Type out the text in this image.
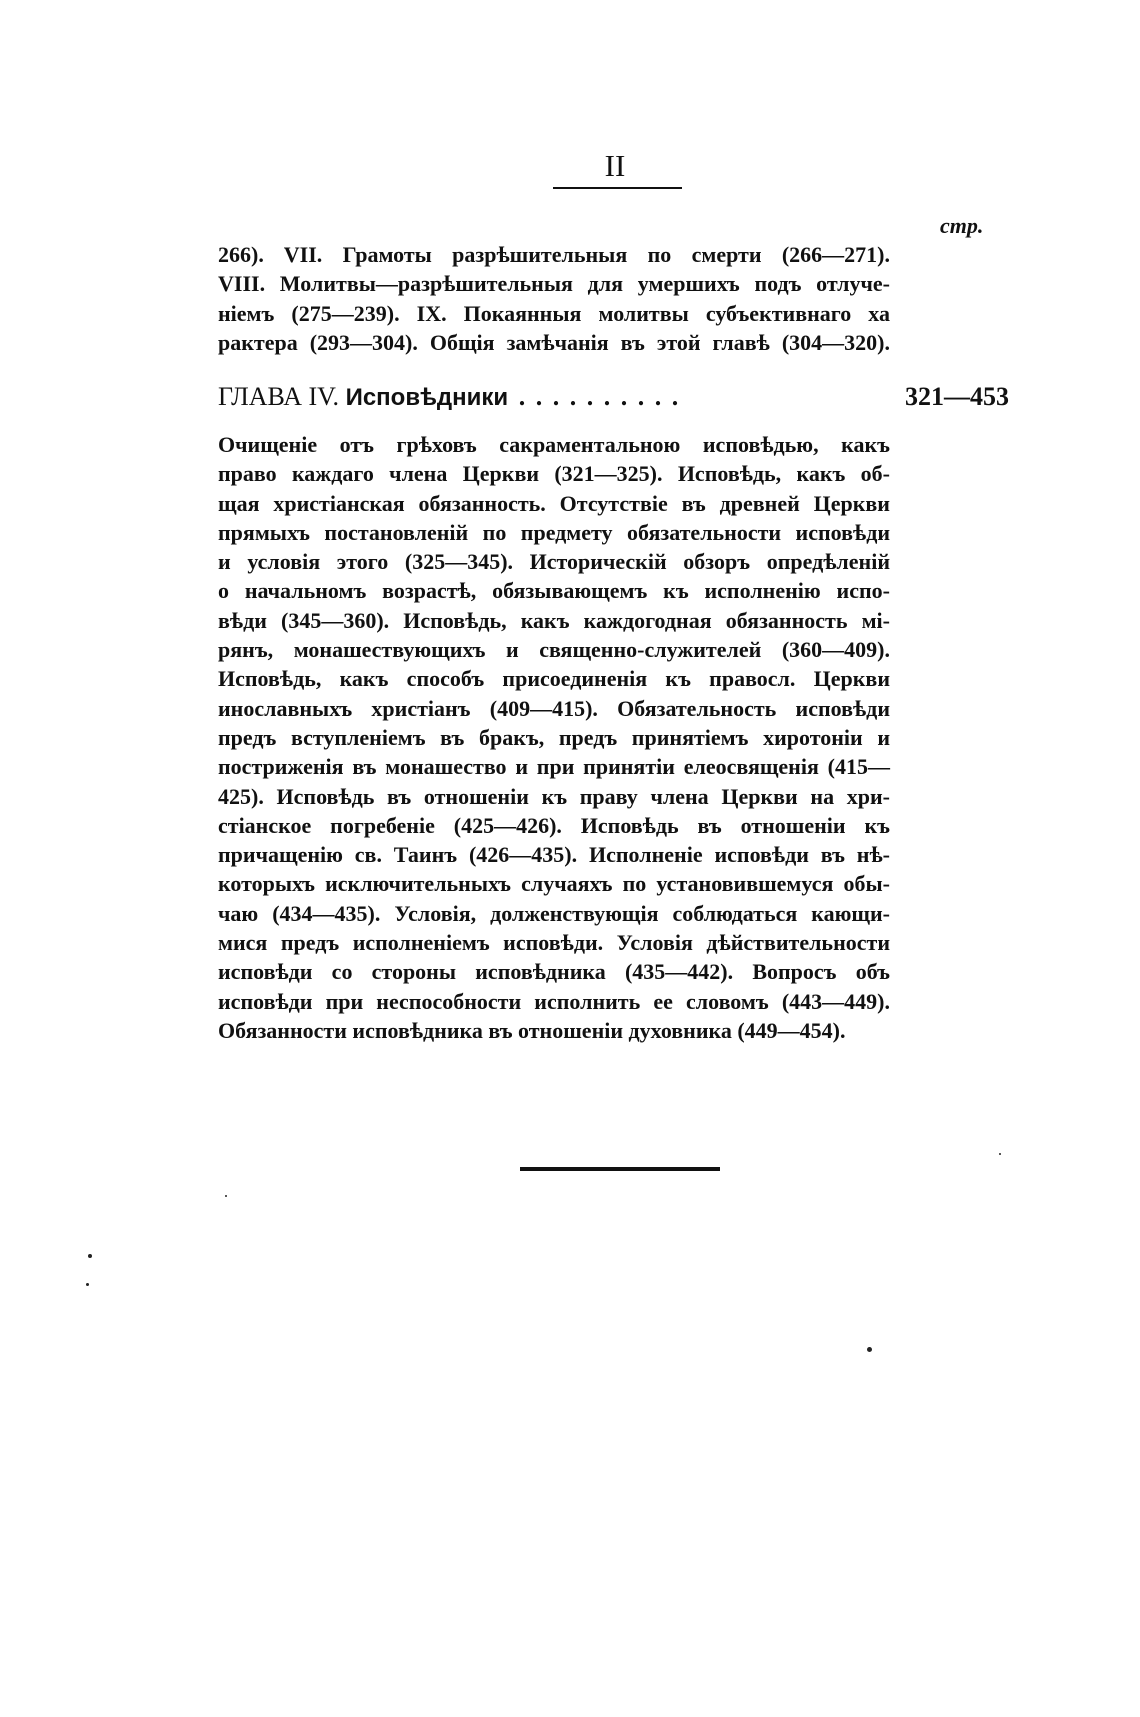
II
стр.
266). VII. Грамоты разрѣшительныя по смерти (266—271).
VIII. Молитвы—разрѣшительныя для умершихъ подъ отлуче-
ніемъ (275—239). IX. Покаянныя молитвы субъективнаго ха
рактера (293—304). Общія замѣчанія въ этой главѣ (304—320).
ГЛАВА IV. Исповѣдники . . . . . . . . . .	321—453
Очищеніе отъ грѣховъ сакраментальною исповѣдью, какъ
право каждаго члена Церкви (321—325). Исповѣдь, какъ об-
щая христіанская обязанность. Отсутствіе въ древней Церкви
прямыхъ постановленій по предмету обязательности исповѣди
и условія этого (325—345). Историческій обзоръ опредѣленій
о начальномъ возрастѣ, обязывающемъ къ исполненію испо-
вѣди (345—360). Исповѣдь, какъ каждогодная обязанность мі-
рянъ, монашествующихъ и священно-служителей (360—409).
Исповѣдь, какъ способъ присоединенія къ правосл. Церкви
инославныхъ христіанъ (409—415). Обязательность исповѣди
предъ вступленіемъ въ бракъ, предъ принятіемъ хиротоніи и
постриженія въ монашество и при принятіи елеосвященія (415—
425). Исповѣдь въ отношеніи къ праву члена Церкви на хри-
стіанское погребеніе (425—426). Исповѣдь въ отношеніи къ
причащенію св. Таинъ (426—435). Исполненіе исповѣди въ нѣ-
которыхъ исключительныхъ случаяхъ по установившемуся обы-
чаю (434—435). Условія, долженствующія соблюдаться кающи-
мися предъ исполненіемъ исповѣди. Условія дѣйствительности
исповѣди со стороны исповѣдника (435—442). Вопросъ объ
исповѣди при неспособности исполнить ее словомъ (443—449).
Обязанности исповѣдника въ отношеніи духовника (449—454).
